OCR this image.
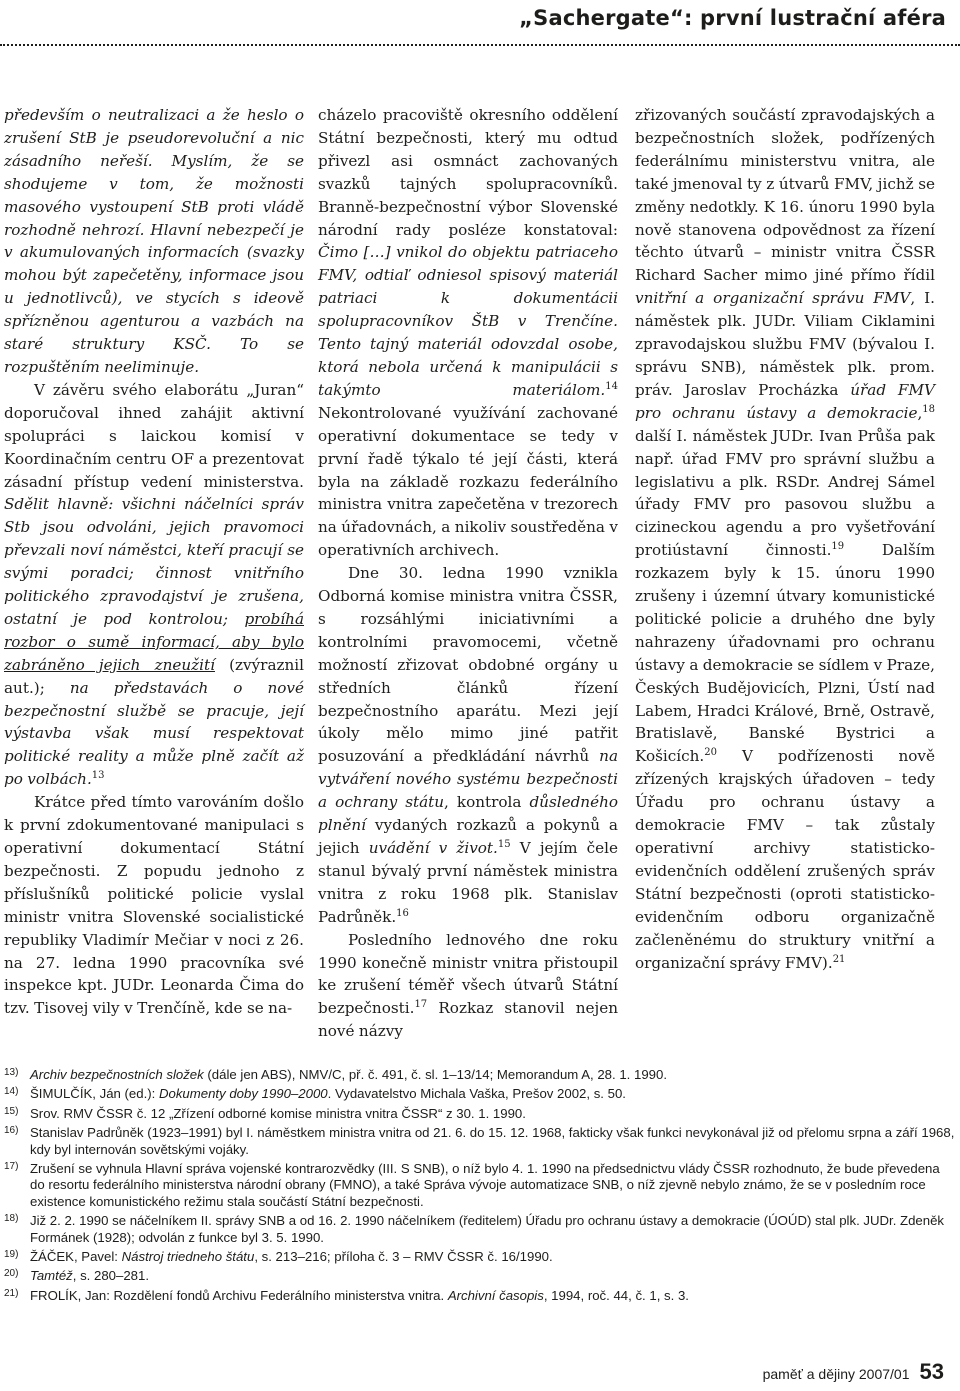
„Sachergate“: první lustrační aféra

především o neutralizaci a že heslo o zrušení StB je pseudorevoluční a nic zásadního neřeší. Myslím, že se shodujeme v tom, že možnosti masového vystoupení StB proti vládě rozhodně nehrozí. Hlavní nebezpečí je v akumulovaných informacích (svazky mohou být zapečetěny, informace jsou u jednotlivců), ve stycích s ideově spřízněnou agenturou a vazbách na staré struktury KSČ. To se rozpuštěním neeliminuje.

V závěru svého elaborátu „Juran“ doporučoval ihned zahájit aktivní spolupráci s laickou komisí v Koordinačním centru OF a prezentovat zásadní přístup vedení ministerstva. Sdělit hlavně: všichni náčelníci správ Stb jsou odvoláni, jejich pravomoci převzali noví náměstci, kteří pracují se svými poradci; činnost vnitřního politického zpravodajství je zrušena, ostatní je pod kontrolou; probíhá rozbor o sumě informací, aby bylo zabráněno jejich zneužití (zvýraznil aut.); na představách o nové bezpečnostní službě se pracuje, její výstavba však musí respektovat politické reality a může plně začít až po volbách.$^{13}$

Krátce před tímto varováním došlo k první zdokumentované manipulaci s operativní dokumentací Státní bezpečnosti. Z popudu jednoho z příslušníků politické policie vyslal ministr vnitra Slovenské socialistické republiky Vladimír Mečiar v noci z 26. na 27. ledna 1990 pracovníka své inspekce kpt. JUDr. Leonarda Čima do tzv. Tisovej vily v Trenčíně, kde se na-

cházelo pracoviště okresního oddělení Státní bezpečnosti, který mu odtud přivezl asi osmnáct zachovaných svazků tajných spolupracovníků. Branně-bezpečnostní výbor Slovenské národní rady posléze konstatoval: Čimo […] vnikol do objektu patriaceho FMV, odtiaľ odniesol spisový materiál patriaci k dokumentácii spolupracovníkov ŠtB v Trenčíne. Tento tajný materiál odovzdal osobe, ktorá nebola určená k manipulácii s takýmto materiálom.$^{14}$ Nekontrolované využívání zachované operativní dokumentace se tedy v první řadě týkalo té její části, která byla na základě rozkazu federálního ministra vnitra zapečetěna v trezorech na úřadovnách, a nikoliv soustředěna v operativních archivech.

Dne 30. ledna 1990 vznikla Odborná komise ministra vnitra ČSSR, s rozsáhlými iniciativními a kontrolními pravomocemi, včetně možností zřizovat obdobné orgány u středních článků řízení bezpečnostního aparátu. Mezi její úkoly mělo mimo jiné patřit posuzování a předkládání návrhů na vytváření nového systému bezpečnosti a ochrany státu, kontrola důsledného plnění vydaných rozkazů a pokynů a jejich uvádění v život.$^{15}$ V jejím čele stanul bývalý první náměstek ministra vnitra z roku 1968 plk. Stanislav Padrůněk.$^{16}$

Posledního lednového dne roku 1990 konečně ministr vnitra přistoupil ke zrušení téměř všech útvarů Státní bezpečnosti.$^{17}$ Rozkaz stanovil nejen nové názvy

zřizovaných součástí zpravodajských a bezpečnostních složek, podřízených federálnímu ministerstvu vnitra, ale také jmenoval ty z útvarů FMV, jichž se změny nedotkly. K 16. únoru 1990 byla nově stanovena odpovědnost za řízení těchto útvarů – ministr vnitra ČSSR Richard Sacher mimo jiné přímo řídil vnitřní a organizační správu FMV, I. náměstek plk. JUDr. Viliam Ciklamini zpravodajskou službu FMV (bývalou I. správu SNB), náměstek plk. prom. práv. Jaroslav Procházka úřad FMV pro ochranu ústavy a demokracie,$^{18}$ další I. náměstek JUDr. Ivan Průša pak např. úřad FMV pro správní službu a legislativu a plk. RSDr. Andrej Sámel úřady FMV pro pasovou službu a cizineckou agendu a pro vyšetřování protiústavní činnosti.$^{19}$ Dalším rozkazem byly k 15. únoru 1990 zrušeny i územní útvary komunistické politické policie a druhého dne byly nahrazeny úřadovnami pro ochranu ústavy a demokracie se sídlem v Praze, Českých Budějovicích, Plzni, Ústí nad Labem, Hradci Králové, Brně, Ostravě, Bratislavě, Banské Bystrici a Košicích.$^{20}$ V podřízenosti nově zřízených krajských úřadoven – tedy Úřadu pro ochranu ústavy a demokracie FMV – tak zůstaly operativní archivy statisticko-evidenčních oddělení zrušených správ Státní bezpečnosti (oproti statisticko-evidenčním odboru organizačně začleněnému do struktury vnitřní a organizační správy FMV).$^{21}$

13) Archiv bezpečnostních složek (dále jen ABS), NMV/C, př. č. 491, č. sl. 1–13/14; Memorandum A, 28. 1. 1990.
14) ŠIMULČÍK, Ján (ed.): Dokumenty doby 1990–2000. Vydavatelstvo Michala Vaška, Prešov 2002, s. 50.
15) Srov. RMV ČSSR č. 12 „Zřízení odborné komise ministra vnitra ČSSR“ z 30. 1. 1990.
16) Stanislav Padrůněk (1923–1991) byl I. náměstkem ministra vnitra od 21. 6. do 15. 12. 1968, fakticky však funkci nevykonával již od přelomu srpna a září 1968, kdy byl internován sovětskými vojáky.
17) Zrušení se vyhnula Hlavní správa vojenské kontrarozvědky (III. S SNB), o níž bylo 4. 1. 1990 na předsednictvu vlády ČSSR rozhodnuto, že bude převedena do resortu federálního ministerstva národní obrany (FMNO), a také Správa vývoje automatizace SNB, o níž zjevně nebylo známo, že se v posledním roce existence komunistického režimu stala součástí Státní bezpečnosti.
18) Již 2. 2. 1990 se náčelníkem II. správy SNB a od 16. 2. 1990 náčelníkem (ředitelem) Úřadu pro ochranu ústavy a demokracie (ÚOÚD) stal plk. JUDr. Zdeněk Formánek (1928); odvolán z funkce byl 3. 5. 1990.
19) ŽÁČEK, Pavel: Nástroj triedneho štátu, s. 213–216; příloha č. 3 – RMV ČSSR č. 16/1990.
20) Tamtéž, s. 280–281.
21) FROLÍK, Jan: Rozdělení fondů Archivu Federálního ministerstva vnitra. Archivní časopis, 1994, roč. 44, č. 1, s. 3.
paměť a dějiny 2007/01 53
